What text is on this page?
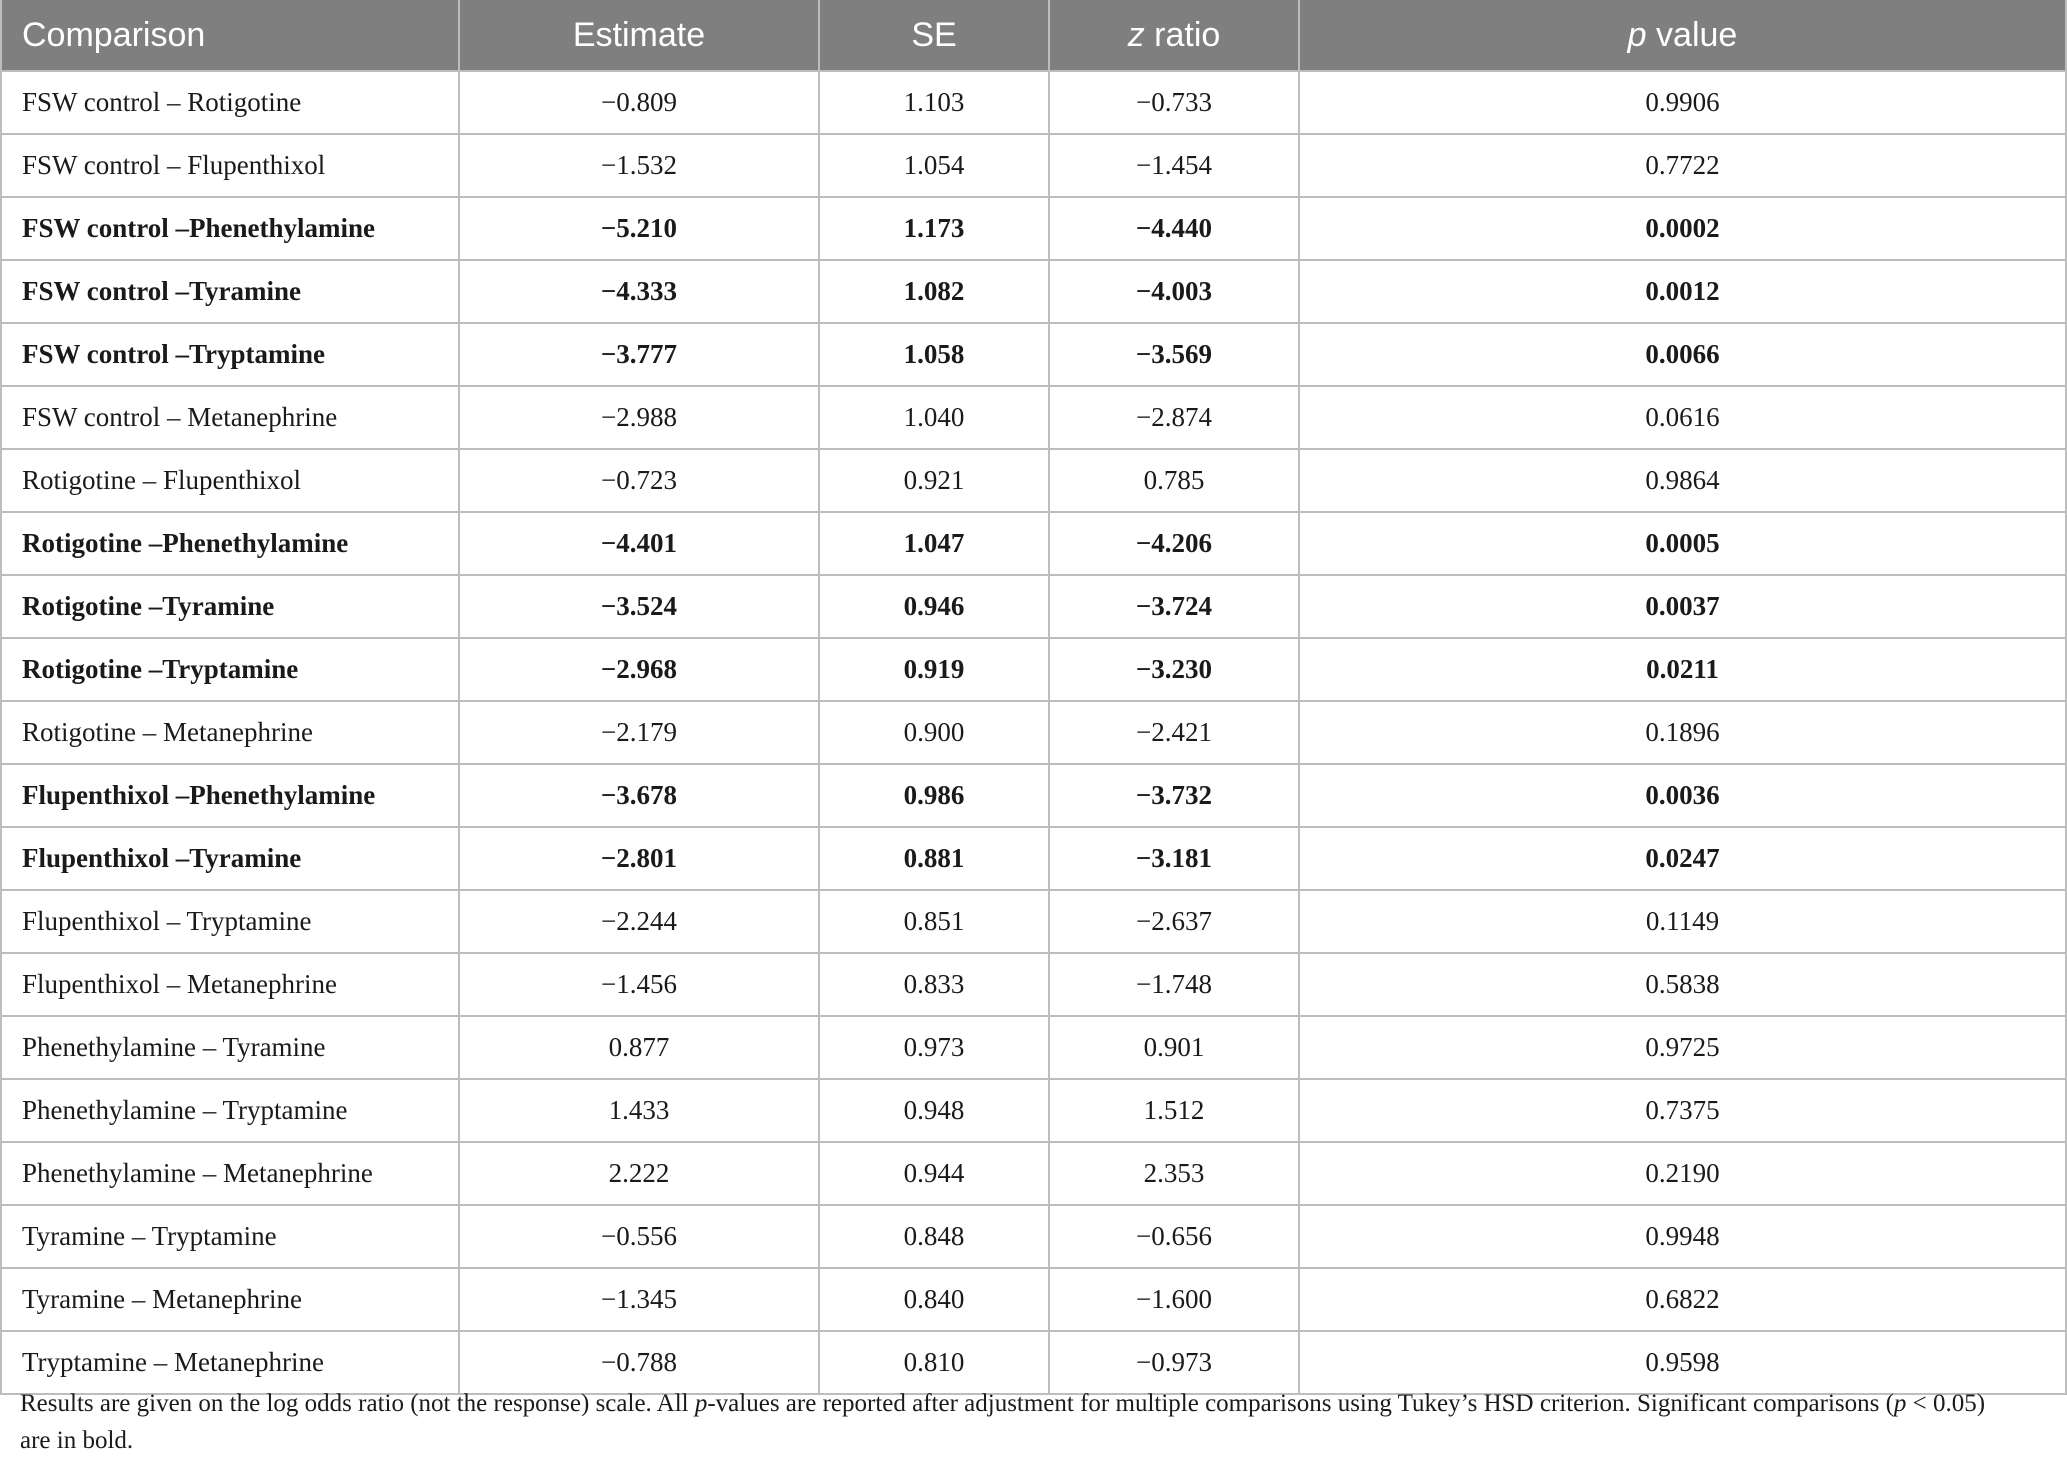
Comparison	Estimate	SE	z ratio	p value
FSW control – Rotigotine	−0.809	1.103	−0.733	0.9906
FSW control – Flupenthixol	−1.532	1.054	−1.454	0.7722
FSW control –Phenethylamine	−5.210	1.173	−4.440	0.0002
FSW control –Tyramine	−4.333	1.082	−4.003	0.0012
FSW control –Tryptamine	−3.777	1.058	−3.569	0.0066
FSW control – Metanephrine	−2.988	1.040	−2.874	0.0616
Rotigotine – Flupenthixol	−0.723	0.921	0.785	0.9864
Rotigotine –Phenethylamine	−4.401	1.047	−4.206	0.0005
Rotigotine –Tyramine	−3.524	0.946	−3.724	0.0037
Rotigotine –Tryptamine	−2.968	0.919	−3.230	0.0211
Rotigotine – Metanephrine	−2.179	0.900	−2.421	0.1896
Flupenthixol –Phenethylamine	−3.678	0.986	−3.732	0.0036
Flupenthixol –Tyramine	−2.801	0.881	−3.181	0.0247
Flupenthixol – Tryptamine	−2.244	0.851	−2.637	0.1149
Flupenthixol – Metanephrine	−1.456	0.833	−1.748	0.5838
Phenethylamine – Tyramine	0.877	0.973	0.901	0.9725
Phenethylamine – Tryptamine	1.433	0.948	1.512	0.7375
Phenethylamine – Metanephrine	2.222	0.944	2.353	0.2190
Tyramine – Tryptamine	−0.556	0.848	−0.656	0.9948
Tyramine – Metanephrine	−1.345	0.840	−1.600	0.6822
Tryptamine – Metanephrine	−0.788	0.810	−0.973	0.9598
Results are given on the log odds ratio (not the response) scale. All p-values are reported after adjustment for multiple comparisons using Tukey’s HSD criterion. Significant comparisons (p < 0.05) are in bold.
